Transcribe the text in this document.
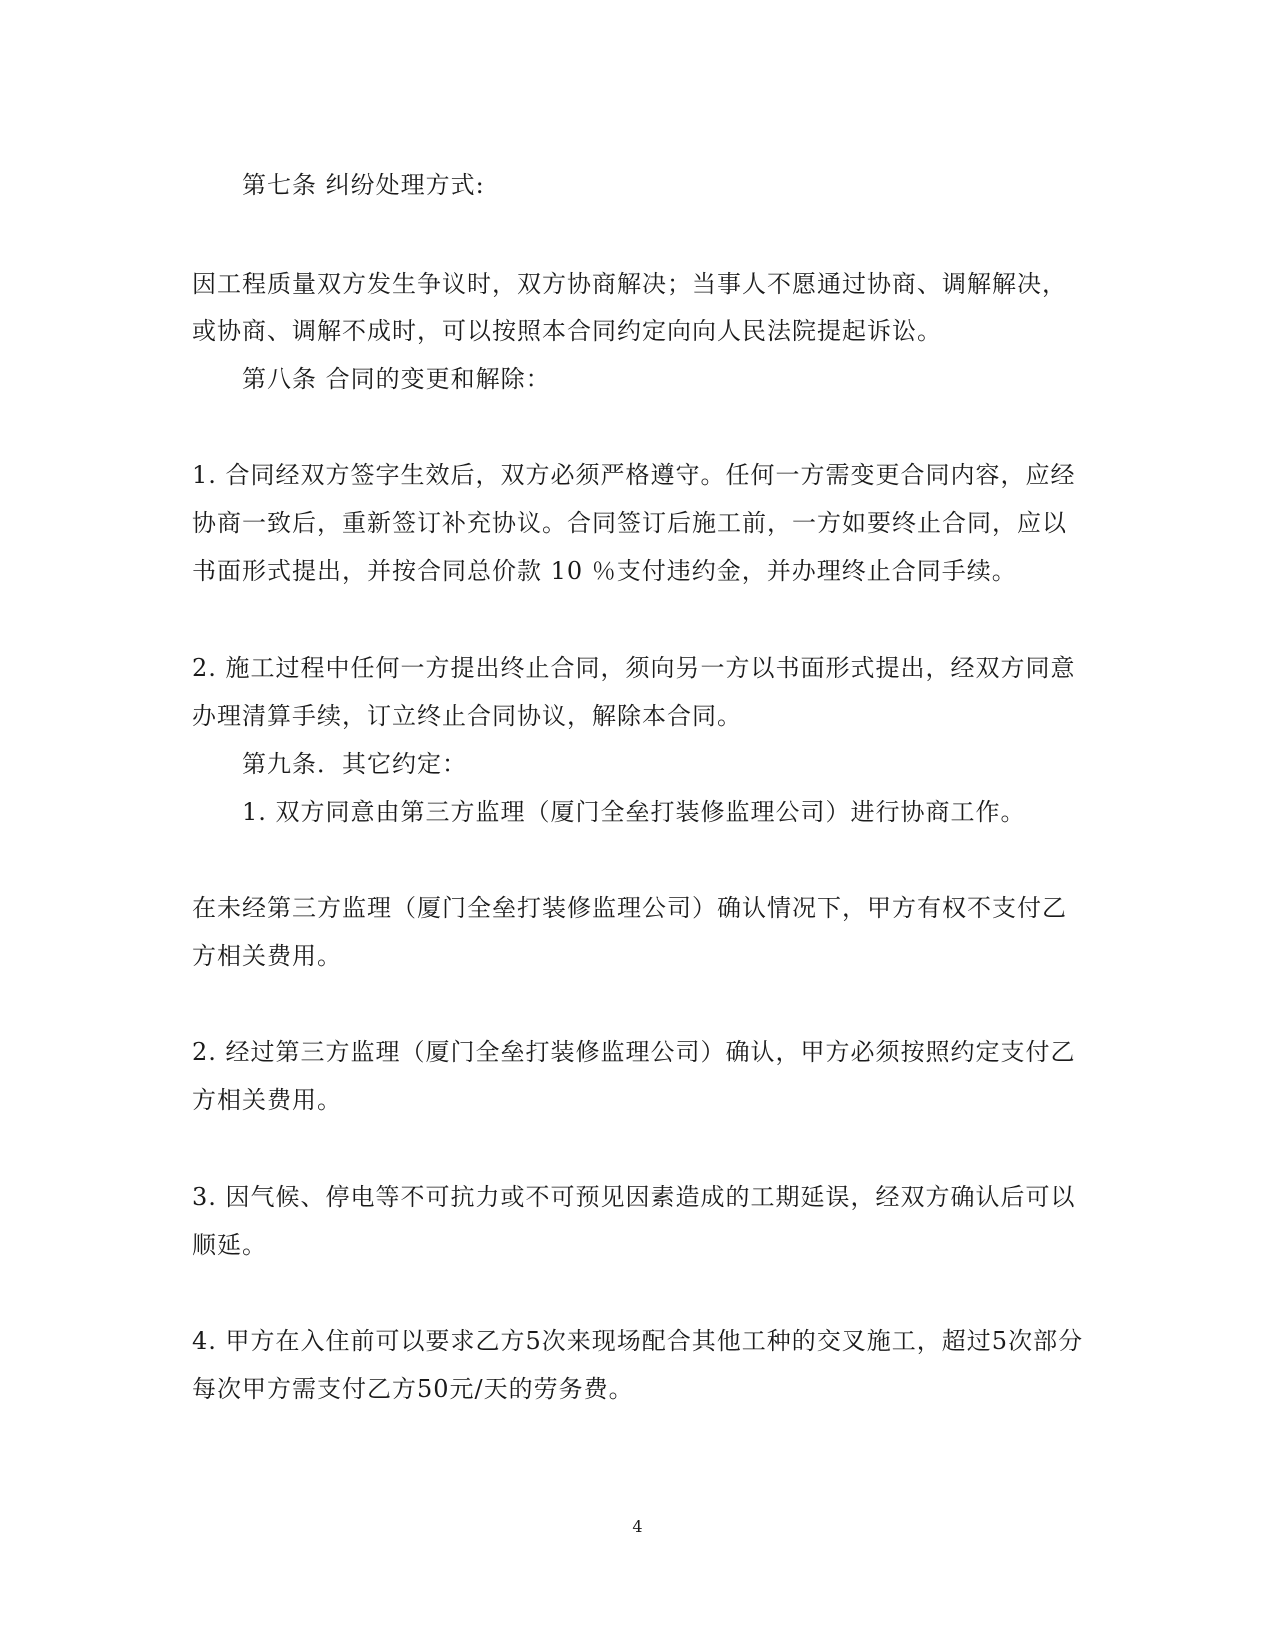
第七条 纠纷处理方式:
因工程质量双方发生争议时，双方协商解决；当事人不愿通过协商、调解解决，
或协商、调解不成时，可以按照本合同约定向向人民法院提起诉讼。
第八条 合同的变更和解除：
1. 合同经双方签字生效后，双方必须严格遵守。任何一方需变更合同内容，应经
协商一致后，重新签订补充协议。合同签订后施工前，一方如要终止合同，应以
书面形式提出，并按合同总价款 10 ％支付违约金，并办理终止合同手续。
2. 施工过程中任何一方提出终止合同，须向另一方以书面形式提出，经双方同意
办理清算手续，订立终止合同协议，解除本合同。
第九条．其它约定：
1. 双方同意由第三方监理（厦门全垒打装修监理公司）进行协商工作。
在未经第三方监理（厦门全垒打装修监理公司）确认情况下，甲方有权不支付乙
方相关费用。
2. 经过第三方监理（厦门全垒打装修监理公司）确认，甲方必须按照约定支付乙
方相关费用。
3. 因气候、停电等不可抗力或不可预见因素造成的工期延误，经双方确认后可以
顺延。
4. 甲方在入住前可以要求乙方5次来现场配合其他工种的交叉施工，超过5次部分
每次甲方需支付乙方50元/天的劳务费。
4
